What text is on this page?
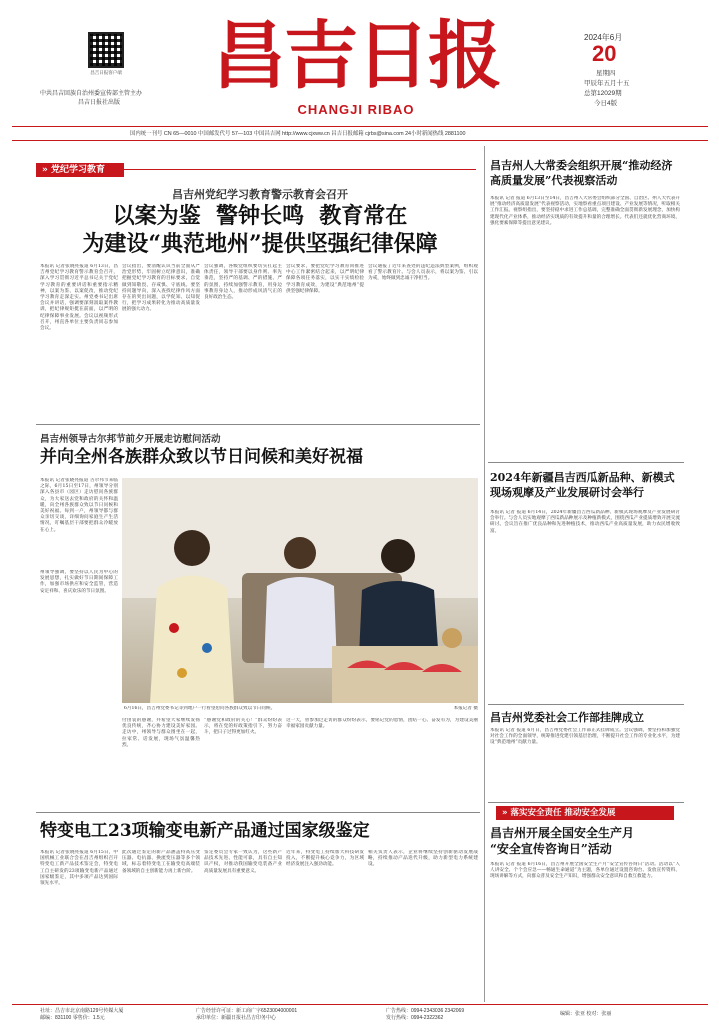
昌吉日报客户端
中共昌吉回族自治州委宣传部主管主办
昌吉日报社出版
昌吉日报
CHANGJI RIBAO
2024年6月
20
星期四
甲辰年五月十五
总第12029期
今日4版
国内统一刊号 CN 65—0010 中国邮发代号 57—103 中国昌吉网 http://www.cjxww.cn 昌吉日报邮箱 cjrbs@sina.com 24小时新闻热线 2881100
» 党纪学习教育
昌吉州党纪学习教育警示教育会召开
以案为鉴  警钟长鸣  教育常在
为建设“典范地州”提供坚强纪律保障
本报讯 记者张晓亮报道 6月13日，昌吉州党纪学习教育警示教育会召开，深入学习贯彻习近平总书记关于党纪学习教育的重要讲话和重要指示精神，以案为鉴、以案促改，推动党纪学习教育走深走实。州党委书记出席会议并讲话，强调要深刻汲取案件教训，把纪律规矩挺在前面，以严明的纪律保障事业发展。会议以视频形式召开，州直各单位主要负责同志参加会议。
会议指出，要清醒认识当前全面从严治党形势，牢固树立纪律意识，准确把握党纪学习教育的目标要求，自觉做到知敬畏、存戒惧、守底线。要坚持问题导向，深入查找纪律作风方面存在的突出问题，以学促知、以知促行，把学习成果转化为推动高质量发展的强大动力。
会议强调，各级党组织要切实扛起主体责任，领导干部要以身作则、率先垂范，坚持严的基调、严的措施、严的氛围，持续加强警示教育，用身边事教育身边人，推动形成风清气正的良好政治生态。
会议要求，要把党纪学习教育同推进中心工作紧密结合起来，以严明纪律保障各项任务落实，以实干实绩检验学习教育成效，为建设“典范地州”提供坚强纪律保障。
会议通报了近年来查处的违纪违法典型案例，组织观看了警示教育片。与会人员表示，将以案为鉴、引以为戒，始终做到忠诚干净担当。
昌吉州领导古尔邦节前夕开展走访慰问活动
并向全州各族群众致以节日问候和美好祝福
本报讯 记者张晓亮报道 古尔邦节来临之际，6月15日至17日，州领导分别深入各县市（园区）走访慰问各族群众，为大家送去党和政府的关怀和温暖，向全州各族群众致以节日问候和美好祝福。每到一户，州领导都与群众亲切交谈，详细询问家庭生产生活情况，叮嘱基层干部要把群众冷暖放在心上。
州领导强调，要坚持以人民为中心的发展思想，扎实做好节日期间保障工作，加强市场供应和安全监管，营造安定祥和、喜庆欢乐的节日氛围。
6月16日，昌吉州党委书记等到地户一行看望慰问各族群众致以节日问候。	本报记者 摄
付由衷的感谢，并希望大家继续发扬优良传统，齐心协力建设美好家园。走访中，州领导与群众围坐在一起，拉家常、话发展，现场气氛温馨热烈。
“感谢党和政府的关心！”群众纷纷表示，将在党的好政策指引下，努力奋斗，把日子过得更加红火。
这一天，曾参加过走访的群众纷纷表示，要铭记党的恩情，团结一心、奋发有为，为建设美丽幸福家园贡献力量。
特变电工23项输变电新产品通过国家级鉴定
本报讯 记者张晓亮报道 6月15日，中国机械工业联合会在昌吉州组织召开特变电工新产品技术鉴定会，特变电工自主研发的23项输变电新产品通过国家级鉴定，其中多项产品达到国际领先水平。
此次通过鉴定的新产品涵盖特高压变压器、电抗器、换流变压器等多个领域，标志着特变电工在输变电高端装备领域的自主创新能力再上新台阶。
鉴定委员会专家一致认为，这些新产品技术先进、性能可靠，具有自主知识产权，对推动我国输变电装备产业高质量发展具有重要意义。
近年来，特变电工持续加大科技研发投入，不断提升核心竞争力，为区域经济发展注入强劲动能。
相关负责人表示，企业将继续坚持创新驱动发展战略，持续推动产品迭代升级，助力新型电力系统建设。
昌吉州人大常委会组织开展“推动经济高质量发展”代表视察活动
本报讯 记者 报道 6月13日至14日，昌吉州人大常委会组织部分全国、自治区、州人大代表开展“推动经济高质量发展”代表视察活动，实地察看重点项目建设、产业发展等情况，听取相关工作汇报。视察组指出，要坚持稳中求进工作总基调，完整准确全面贯彻新发展理念，加快构建现代化产业体系，推动经济实现质的有效提升和量的合理增长。代表们还就优化营商环境、强化要素保障等提出意见建议。
2024年新疆昌吉西瓜新品种、新模式现场观摩及产业发展研讨会举行
本报讯 记者 报道 6月14日，2024年新疆昌吉西瓜新品种、新模式现场观摩及产业发展研讨会举行。与会人员实地观摩了西瓜新品种展示及种植新模式，围绕西瓜产业提质增效开展交流研讨。会议旨在推广优良品种和先进种植技术，推动西瓜产业高质量发展，助力农民增收致富。
昌吉州党委社会工作部挂牌成立
本报讯 记者 报道 6月日，昌吉州党委社会工作部正式挂牌成立。会议强调，要坚持和加强党对社会工作的全面领导，统筹推进党建引领基层治理，不断提升社会工作的专业化水平，为建设“典范地州”贡献力量。
» 落实安全责任 推动安全发展
昌吉州开展全国安全生产月
“安全宣传咨询日”活动
本报讯 记者 报道 6月16日，昌吉州开展全国安全生产月“安全宣传咨询日”活动。活动以“人人讲安全、个个会应急——畅通生命通道”为主题，各单位通过设置咨询台、发放宣传资料、现场讲解等方式，向群众普及安全生产知识，增强群众安全意识和自救互救能力。
社址：昌吉市北京南路129号传媒大厦
邮编：831100 零售价：1.5元
广告经营许可证：新工商广字6523004000001
承印单位：新疆日报社昌吉印务中心
广告热线：0994-2343036 2342069
发行热线：0994-2322362
编辑：张亚 校对：张丽
